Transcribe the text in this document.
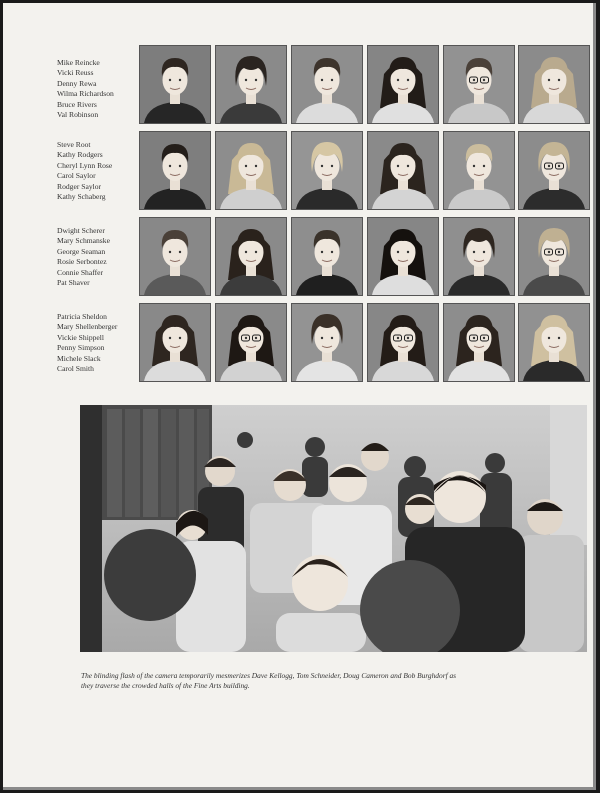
Mike Reincke
Vicki Reuss
Denny Rewa
Wilma Richardson
Bruce Rivers
Val Robinson
Steve Root
Kathy Rodgers
Cheryl Lynn Rose
Carol Saylor
Rodger Saylor
Kathy Schaberg
Dwight Scherer
Mary Schmanske
George Seaman
Rosie Serbontez
Connie Shaffer
Pat Shaver
Patricia Sheldon
Mary Shellenberger
Vickie Shippell
Penny Simpson
Michele Slack
Carol Smith
The blinding flash of the camera temporarily mesmerizes Dave Kellogg, Tom Schneider, Doug Cameron and Bob Burghdorf as they traverse the crowded halls of the Fine Arts building.
